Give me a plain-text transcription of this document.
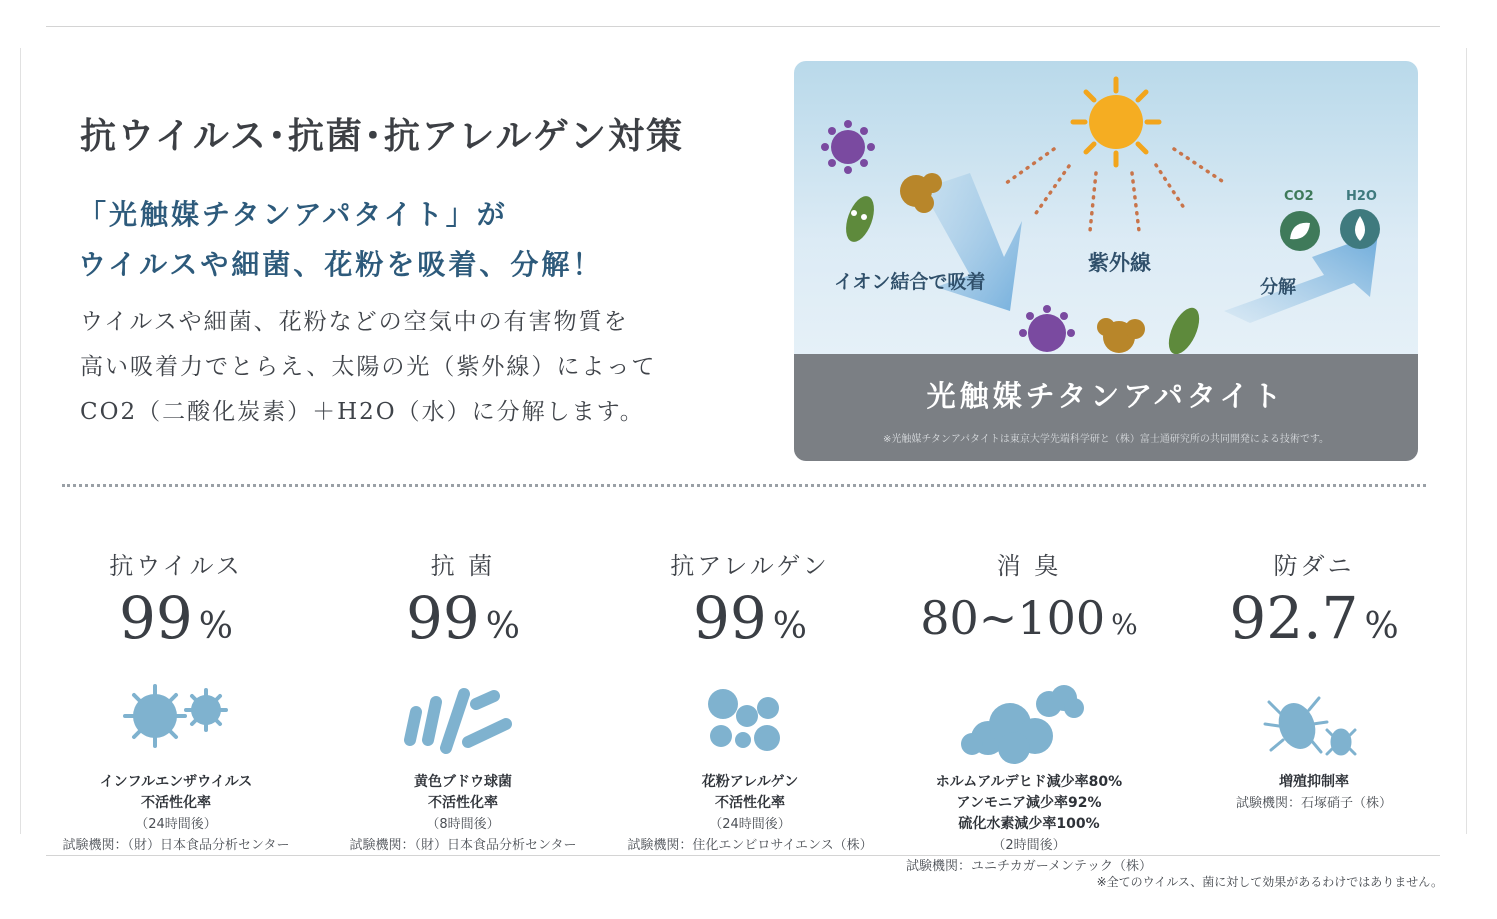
抗ウイルス･抗菌･抗アレルゲン対策
「光触媒チタンアパタイト」が
ウイルスや細菌、花粉を吸着、分解！
ウイルスや細菌、花粉などの空気中の有害物質を
高い吸着力でとらえ、太陽の光（紫外線）によって
CO2（二酸化炭素）＋H2O（水）に分解します。
イオン結合で吸着
紫外線
分解
CO2 H2O
光触媒チタンアパタイト
※光触媒チタンアパタイトは東京大学先端科学研と（株）富士通研究所の共同開発による技術です。
抗ウイルス
99 %
インフルエンザウイルス
不活性化率
（24時間後）
試験機関：（財）日本食品分析センター
抗 菌
99 %
黄色ブドウ球菌
不活性化率
（8時間後）
試験機関：（財）日本食品分析センター
抗アレルゲン
99 %
花粉アレルゲン
不活性化率
（24時間後）
試験機関：住化エンビロサイエンス（株）
消 臭
80~100 %
ホルムアルデヒド減少率80%
アンモニア減少率92%
硫化水素減少率100%
（2時間後）
試験機関：ユニチカガーメンテック（株）
防ダニ
92.7 %
増殖抑制率
試験機関：石塚硝子（株）
※全てのウイルス、菌に対して効果があるわけではありません。
